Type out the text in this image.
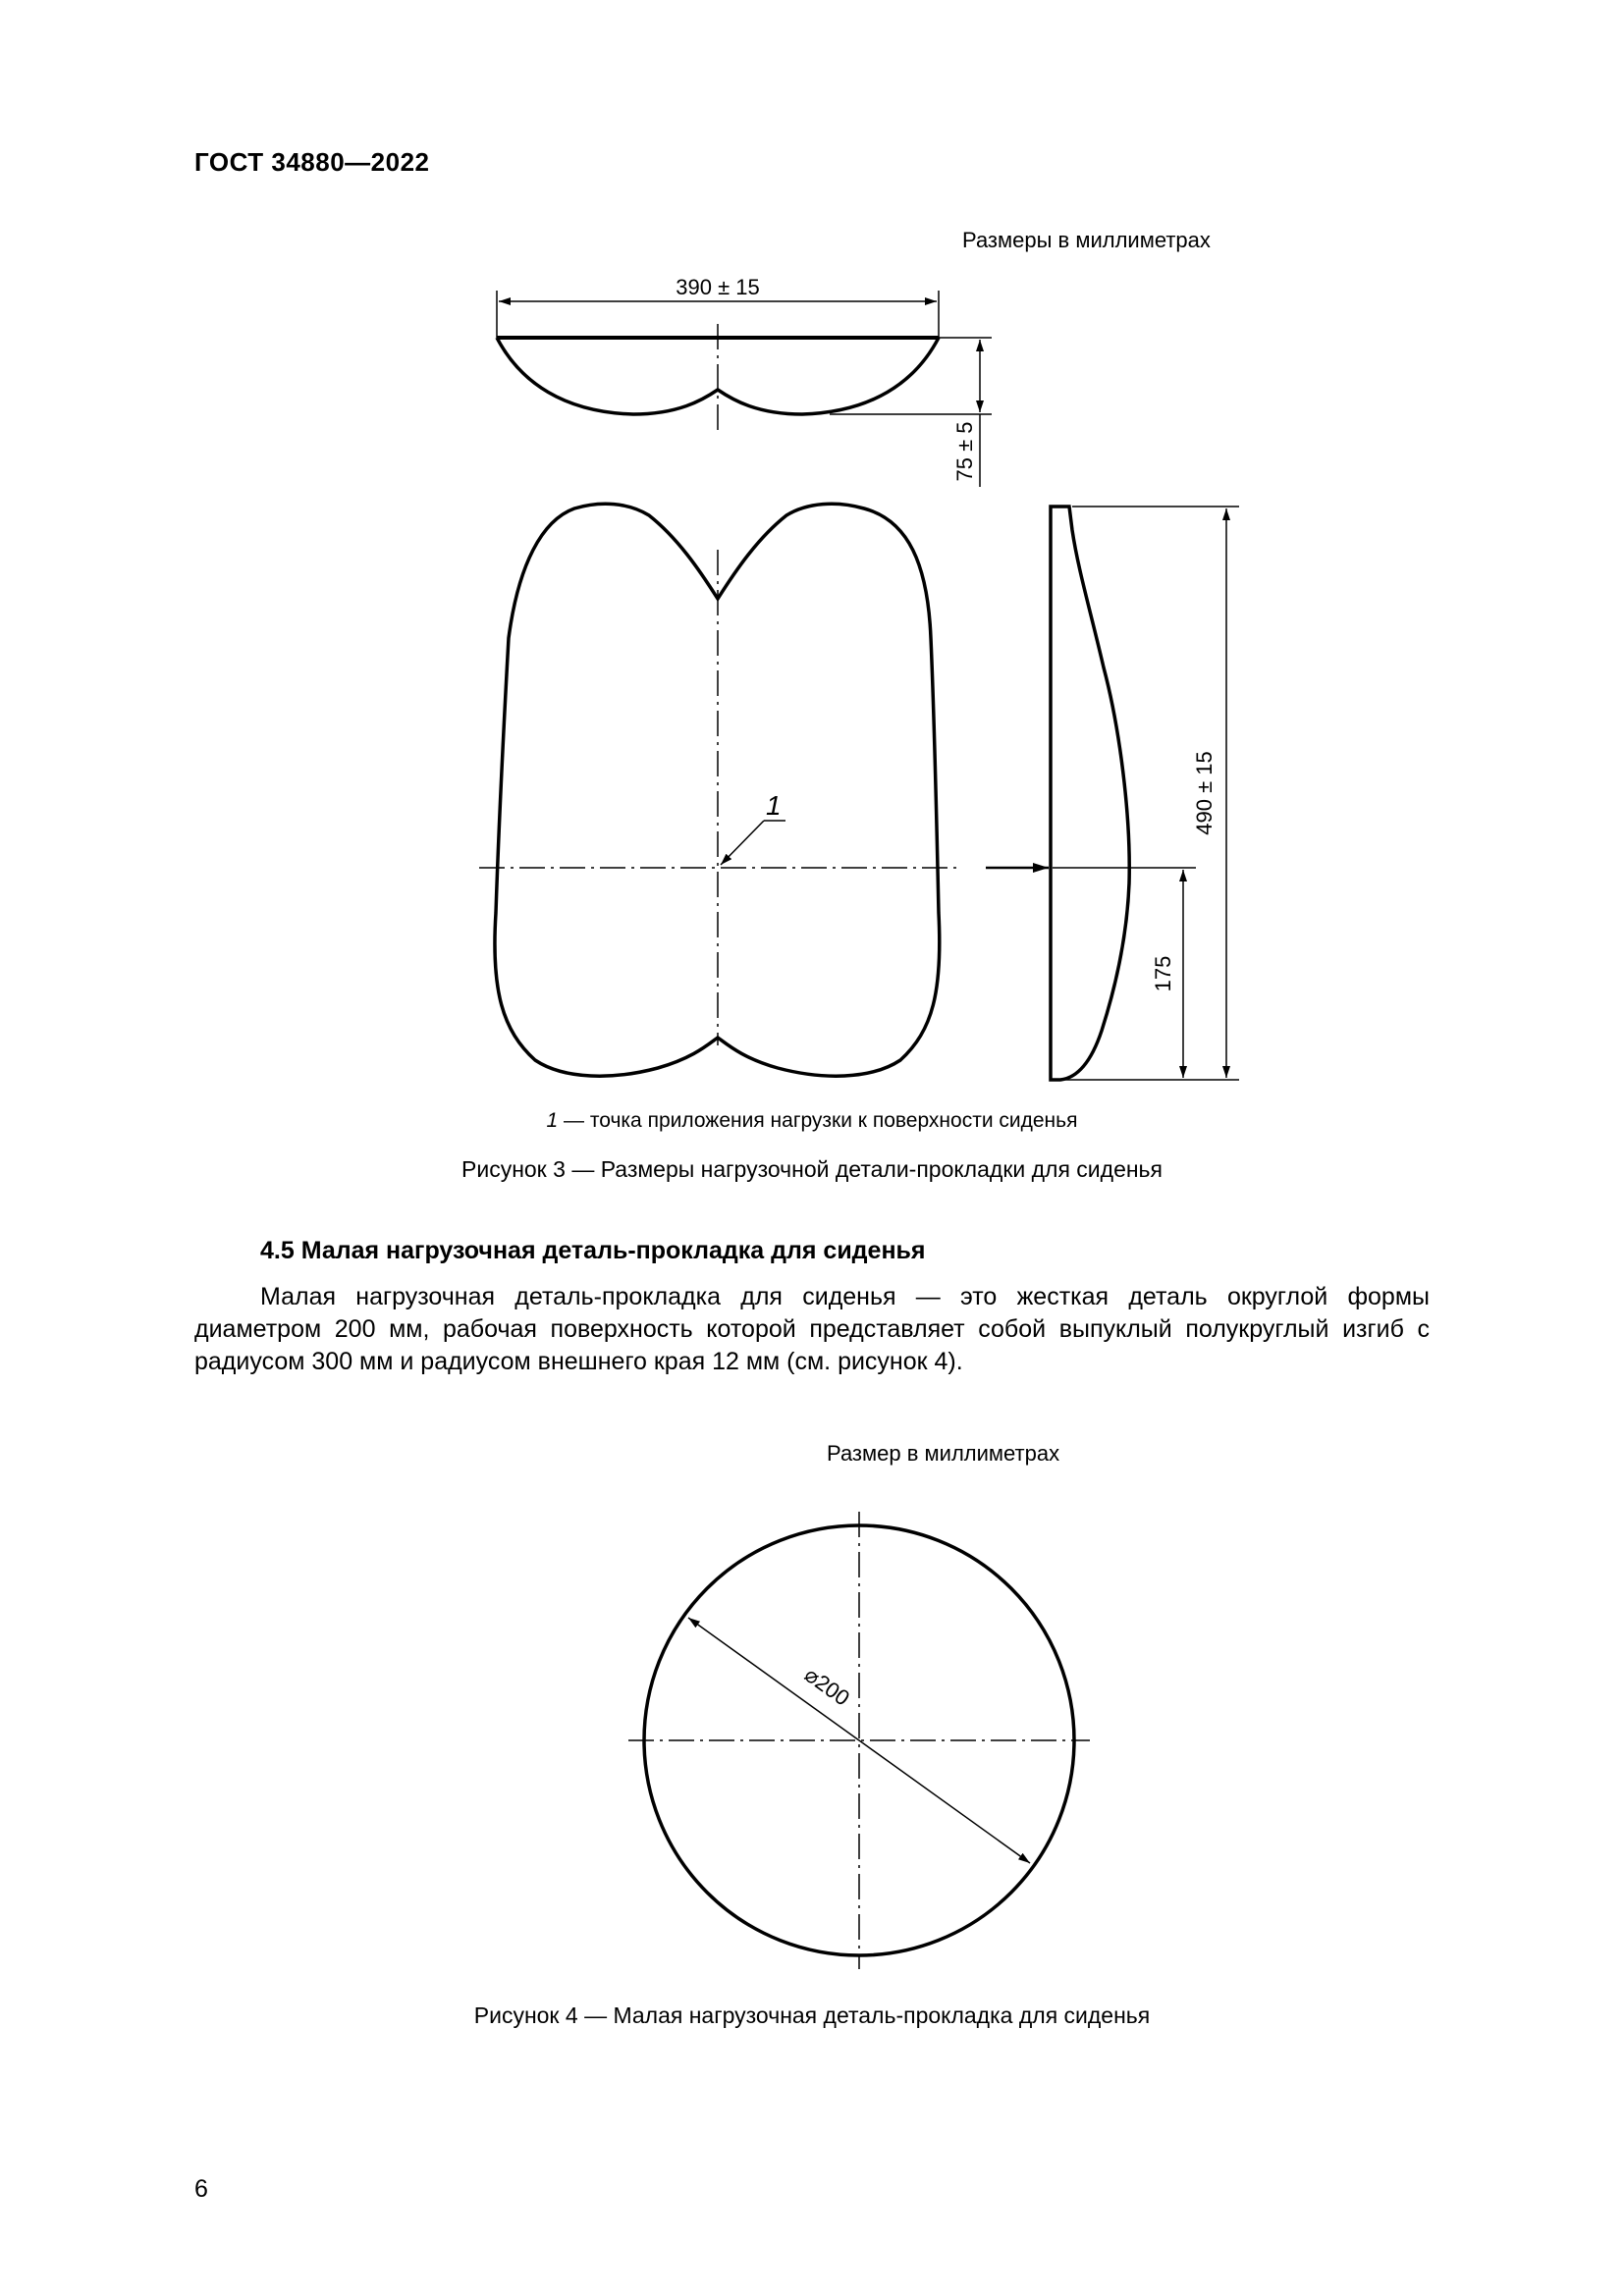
ГОСТ 34880—2022
Размеры в миллиметрах
390 ± 15
75 ± 5
1	490 ± 15
175
⌀200
1 — точка приложения нагрузки к поверхности сиденья
Рисунок 3 — Размеры нагрузочной детали-прокладки для сиденья
4.5 Малая нагрузочная деталь-прокладка для сиденья
Малая нагрузочная деталь-прокладка для сиденья — это жесткая деталь округлой формы диаметром 200 мм, рабочая поверхность которой представляет собой выпуклый полукруглый изгиб с радиусом 300 мм и радиусом внешнего края 12 мм (см. рисунок 4).
Размер в миллиметрах
Рисунок 4 — Малая нагрузочная деталь-прокладка для сиденья
6
